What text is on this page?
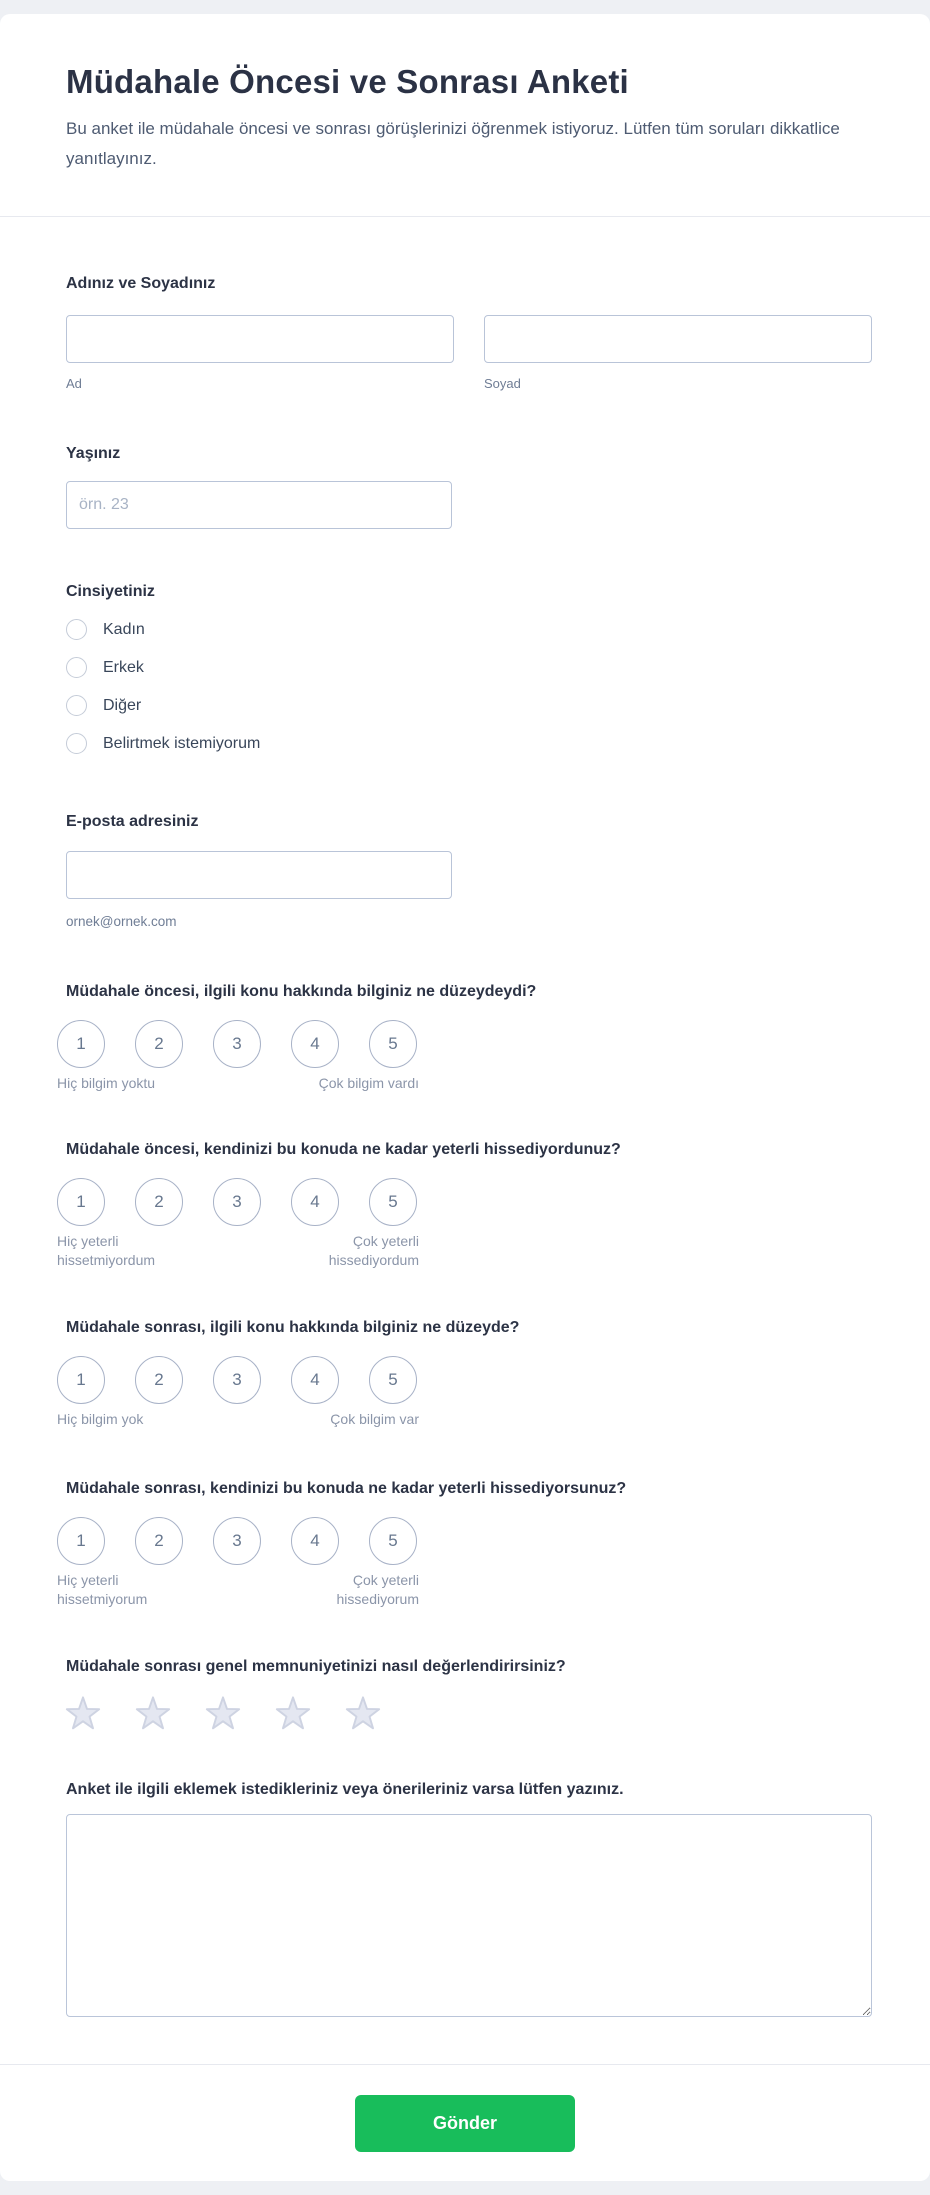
Müdahale Öncesi ve Sonrası Anketi
Bu anket ile müdahale öncesi ve sonrası görüşlerinizi öğrenmek istiyoruz. Lütfen tüm soruları dikkatlice yanıtlayınız.
Adınız ve Soyadınız
Ad	Soyad
Yaşınız
örn. 23
Cinsiyetiniz
Kadın
Erkek
Diğer
Belirtmek istemiyorum
E-posta adresiniz
ornek@ornek.com
Müdahale öncesi, ilgili konu hakkında bilginiz ne düzeydeydi?
1	2	3	4	5
Hiç bilgim yoktu	Çok bilgim vardı
Müdahale öncesi, kendinizi bu konuda ne kadar yeterli hissediyordunuz?
1	2	3	4	5
Hiç yeterli hissetmiyordum
Çok yeterli hissediyordum
Müdahale sonrası, ilgili konu hakkında bilginiz ne düzeyde?
1	2	3	4	5
Hiç bilgim yok	Çok bilgim var
Müdahale sonrası, kendinizi bu konuda ne kadar yeterli hissediyorsunuz?
1	2	3	4	5
Hiç yeterli hissetmiyorum
Çok yeterli hissediyorum
Müdahale sonrası genel memnuniyetinizi nasıl değerlendirirsiniz?
Anket ile ilgili eklemek istedikleriniz veya önerileriniz varsa lütfen yazınız.
Gönder
